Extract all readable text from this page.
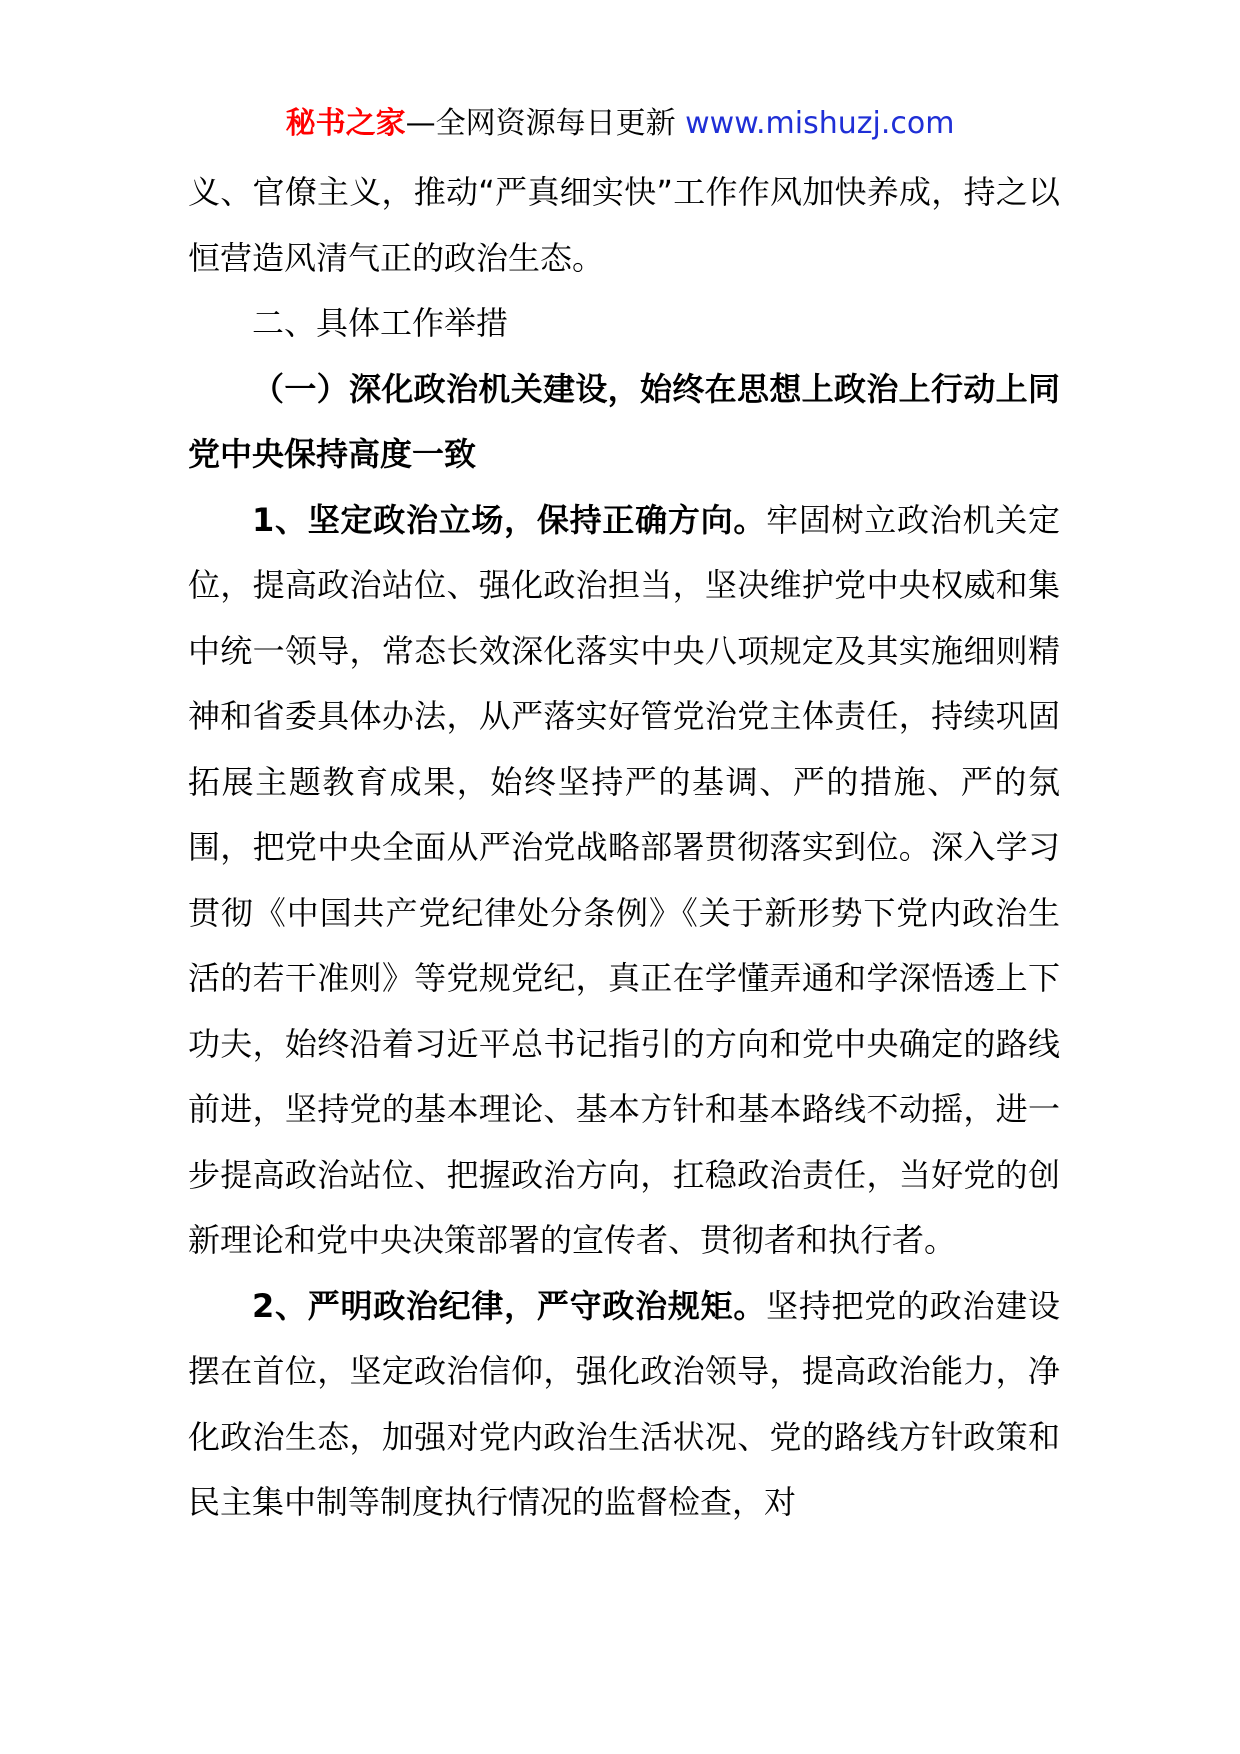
秘书之家—全网资源每日更新 www.mishuzj.com

义、官僚主义，推动“严真细实快”工作作风加快养成，持之以恒营造风清气正的政治生态。

二、具体工作举措

（一）深化政治机关建设，始终在思想上政治上行动上同党中央保持高度一致

1、坚定政治立场，保持正确方向。牢固树立政治机关定位，提高政治站位、强化政治担当，坚决维护党中央权威和集中统一领导，常态长效深化落实中央八项规定及其实施细则精神和省委具体办法，从严落实好管党治党主体责任，持续巩固拓展主题教育成果，始终坚持严的基调、严的措施、严的氛围，把党中央全面从严治党战略部署贯彻落实到位。深入学习贯彻《中国共产党纪律处分条例》《关于新形势下党内政治生活的若干准则》等党规党纪，真正在学懂弄通和学深悟透上下功夫，始终沿着习近平总书记指引的方向和党中央确定的路线前进，坚持党的基本理论、基本方针和基本路线不动摇，进一步提高政治站位、把握政治方向，扛稳政治责任，当好党的创新理论和党中央决策部署的宣传者、贯彻者和执行者。

2、严明政治纪律，严守政治规矩。坚持把党的政治建设摆在首位，坚定政治信仰，强化政治领导，提高政治能力，净化政治生态，加强对党内政治生活状况、党的路线方针政策和民主集中制等制度执行情况的监督检查，对
